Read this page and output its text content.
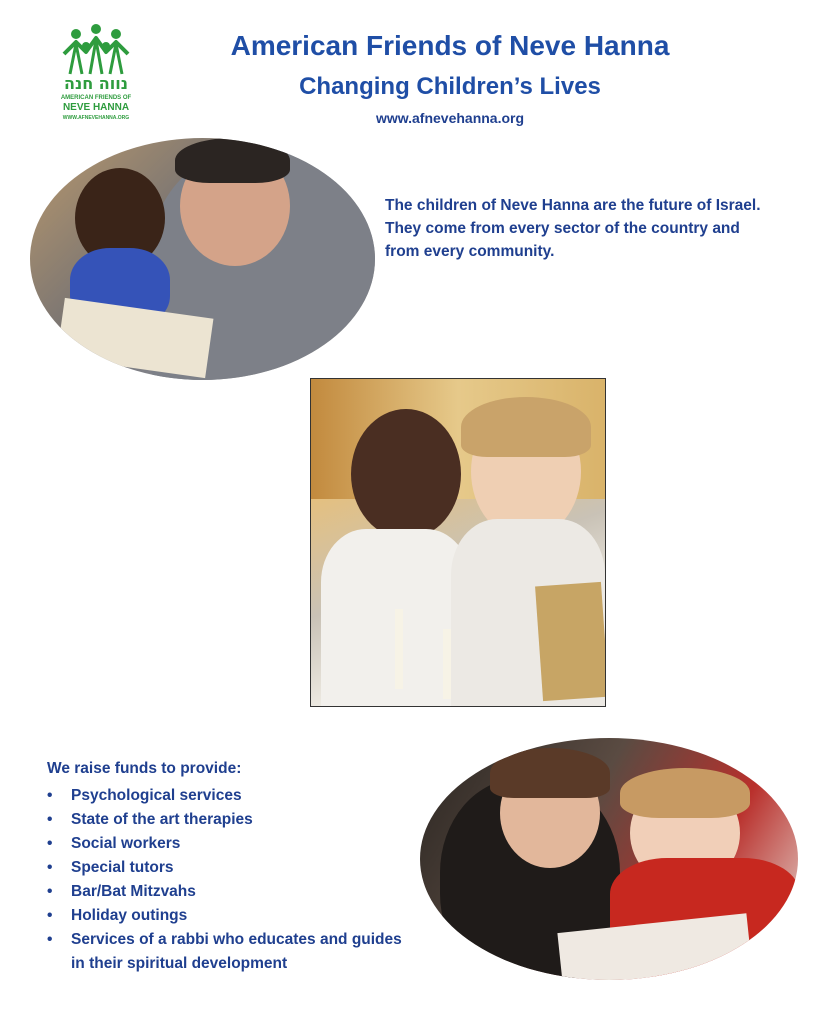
נווה חנה
AMERICAN FRIENDS OF
NEVE HANNA
WWW.AFNEVEHANNA.ORG
American Friends of Neve Hanna
Changing Children’s Lives
www.afnevehanna.org
The children of Neve Hanna are the future of Israel. They come from every sector of the country and from every community.
We raise funds to provide:
• Psychological services
• State of the art therapies
• Social workers
• Special tutors
• Bar/Bat Mitzvahs
• Holiday outings
• Services of a rabbi who educates and guides in their spiritual development
